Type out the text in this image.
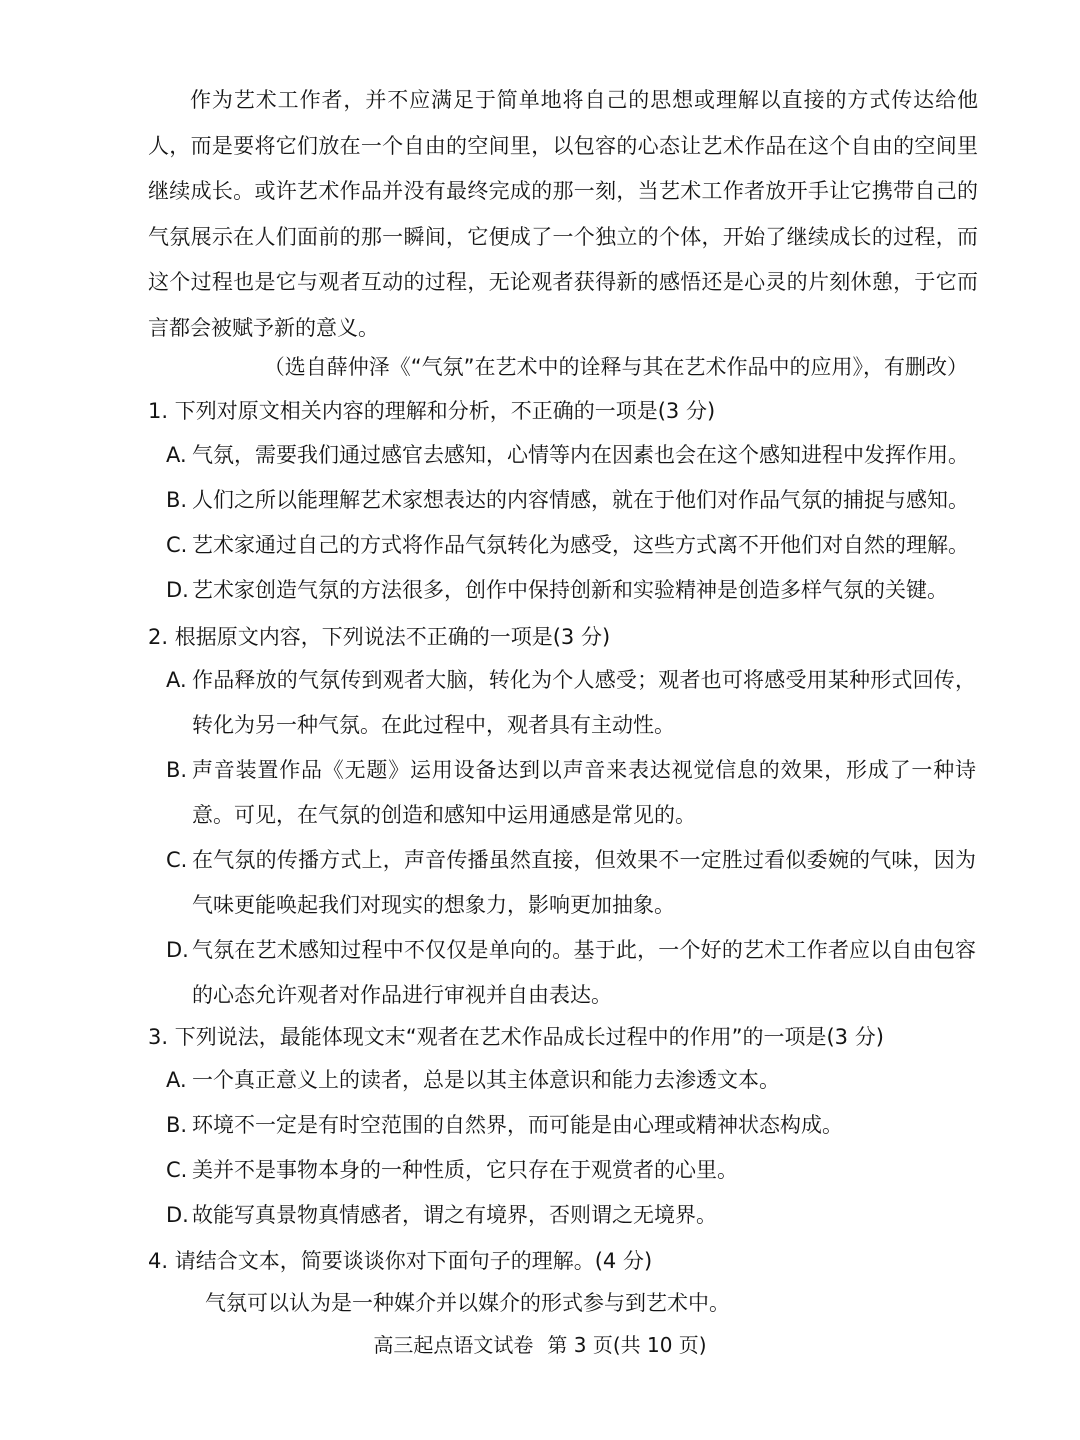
作为艺术工作者，并不应满足于简单地将自己的思想或理解以直接的方式传达给他人，而是要将它们放在一个自由的空间里，以包容的心态让艺术作品在这个自由的空间里继续成长。或许艺术作品并没有最终完成的那一刻，当艺术工作者放开手让它携带自己的气氛展示在人们面前的那一瞬间，它便成了一个独立的个体，开始了继续成长的过程，而这个过程也是它与观者互动的过程，无论观者获得新的感悟还是心灵的片刻休憩，于它而言都会被赋予新的意义。

（选自薛仲泽《“气氛”在艺术中的诠释与其在艺术作品中的应用》，有删改）
1. 下列对原文相关内容的理解和分析，不正确的一项是(3 分)
A. 气氛，需要我们通过感官去感知，心情等内在因素也会在这个感知进程中发挥作用。
B. 人们之所以能理解艺术家想表达的内容情感，就在于他们对作品气氛的捕捉与感知。
C. 艺术家通过自己的方式将作品气氛转化为感受，这些方式离不开他们对自然的理解。
D. 艺术家创造气氛的方法很多，创作中保持创新和实验精神是创造多样气氛的关键。
2. 根据原文内容，下列说法不正确的一项是(3 分)
A. 作品释放的气氛传到观者大脑，转化为个人感受；观者也可将感受用某种形式回传，转化为另一种气氛。在此过程中，观者具有主动性。
B. 声音装置作品《无题》运用设备达到以声音来表达视觉信息的效果，形成了一种诗意。可见，在气氛的创造和感知中运用通感是常见的。
C. 在气氛的传播方式上，声音传播虽然直接，但效果不一定胜过看似委婉的气味，因为气味更能唤起我们对现实的想象力，影响更加抽象。
D. 气氛在艺术感知过程中不仅仅是单向的。基于此，一个好的艺术工作者应以自由包容的心态允许观者对作品进行审视并自由表达。
3. 下列说法，最能体现文末“观者在艺术作品成长过程中的作用”的一项是(3 分)
A. 一个真正意义上的读者，总是以其主体意识和能力去渗透文本。
B. 环境不一定是有时空范围的自然界，而可能是由心理或精神状态构成。
C. 美并不是事物本身的一种性质，它只存在于观赏者的心里。
D. 故能写真景物真情感者，谓之有境界，否则谓之无境界。
4. 请结合文本，简要谈谈你对下面句子的理解。(4 分)
气氛可以认为是一种媒介并以媒介的形式参与到艺术中。
高三起点语文试卷 第 3 页(共 10 页)
